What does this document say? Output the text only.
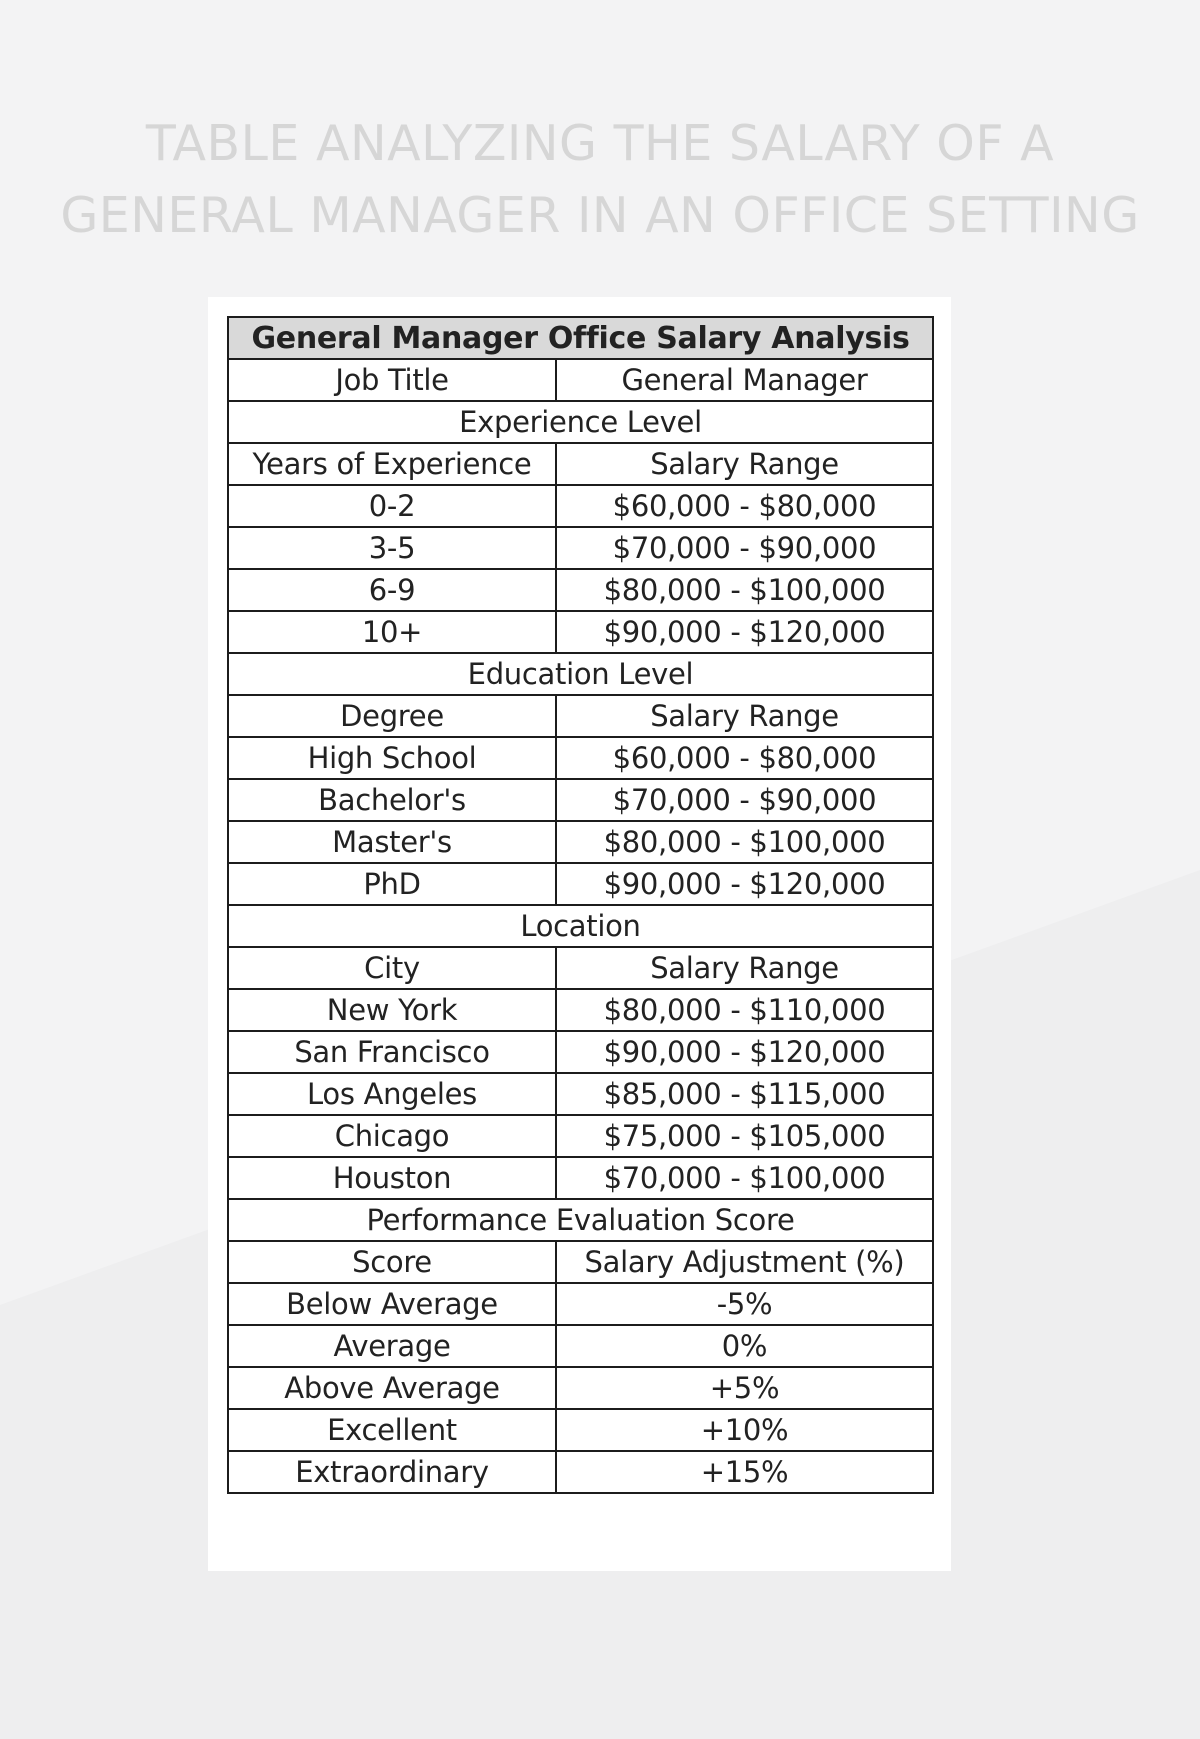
TABLE ANALYZING THE SALARY OF A
GENERAL MANAGER IN AN OFFICE SETTING
General Manager Office Salary Analysis	
Job Title	General Manager
Experience Level	
Years of Experience	Salary Range
0-2	$60,000 - $80,000
3-5	$70,000 - $90,000
6-9	$80,000 - $100,000
10+	$90,000 - $120,000
Education Level	
Degree	Salary Range
High School	$60,000 - $80,000
Bachelor's	$70,000 - $90,000
Master's	$80,000 - $100,000
PhD	$90,000 - $120,000
Location	
City	Salary Range
New York	$80,000 - $110,000
San Francisco	$90,000 - $120,000
Los Angeles	$85,000 - $115,000
Chicago	$75,000 - $105,000
Houston	$70,000 - $100,000
Performance Evaluation Score	
Score	Salary Adjustment (%)
Below Average	-5%
Average	0%
Above Average	+5%
Excellent	+10%
Extraordinary	+15%
